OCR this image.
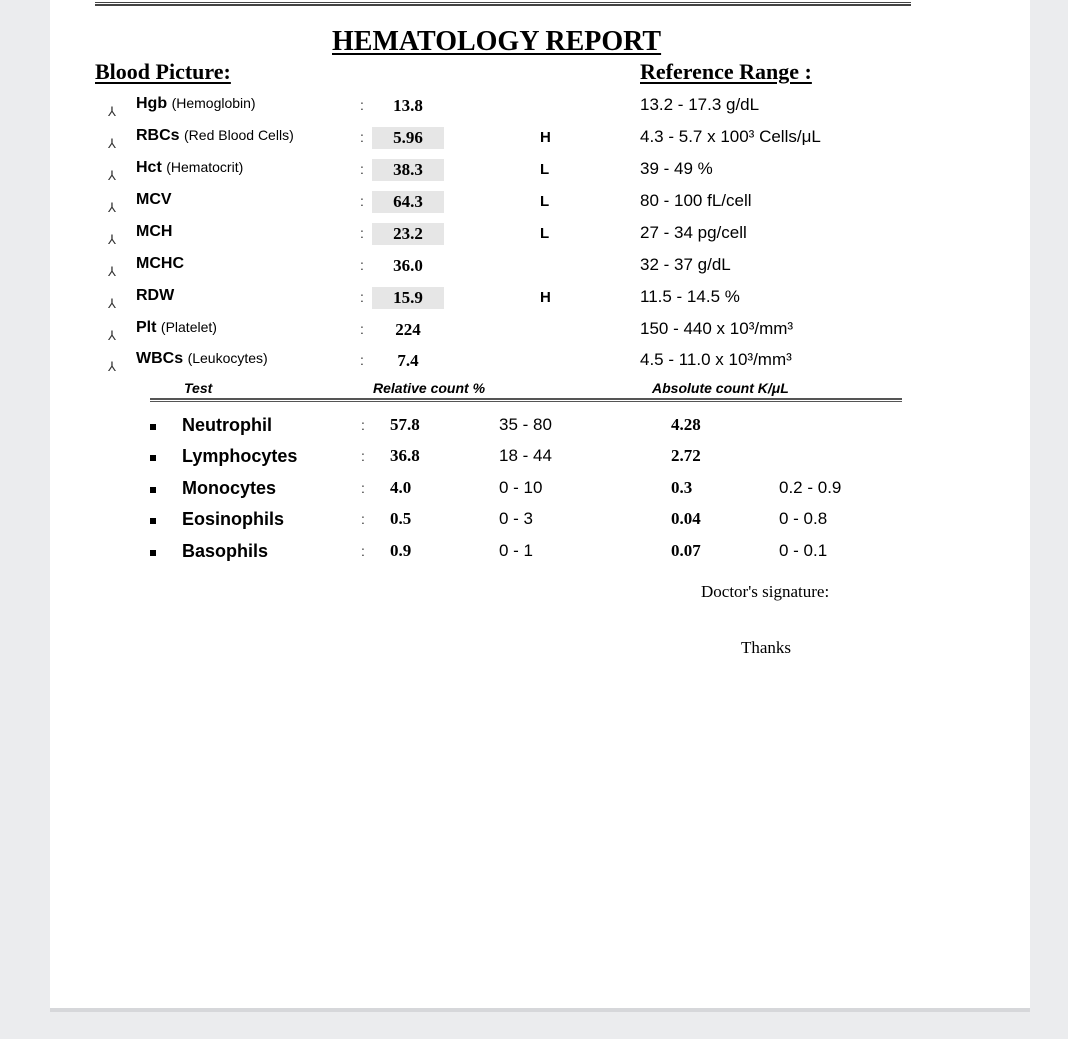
HEMATOLOGY REPORT
Blood Picture:	Reference Range :
⅄ Hgb (Hemoglobin)	:	13.8	13.2 - 17.3 g/dL
⅄ RBCs (Red Blood Cells)	:	5.96	H	4.3 - 5.7 x 100³ Cells/μL
⅄ Hct (Hematocrit)	:	38.3	L	39 - 49 %
⅄ MCV	:	64.3	L	80 - 100 fL/cell
⅄ MCH	:	23.2	L	27 - 34 pg/cell
⅄ MCHC	:	36.0	32 - 37 g/dL
⅄ RDW	:	15.9	H	11.5 - 14.5 %
⅄ Plt (Platelet)	:	224	150 - 440 x 10³/mm³
⅄ WBCs (Leukocytes)	:	7.4	4.5 - 11.0 x 10³/mm³
Test	Relative count %	Absolute count K/μL
Neutrophil	: 57.8	35 - 80	4.28
Lymphocytes	: 36.8	18 - 44	2.72
Monocytes	: 4.0	0 - 10	0.3	0.2 - 0.9
Eosinophils	: 0.5	0 - 3	0.04	0 - 0.8
Basophils	: 0.9	0 - 1	0.07	0 - 0.1
Doctor's signature:
Thanks
